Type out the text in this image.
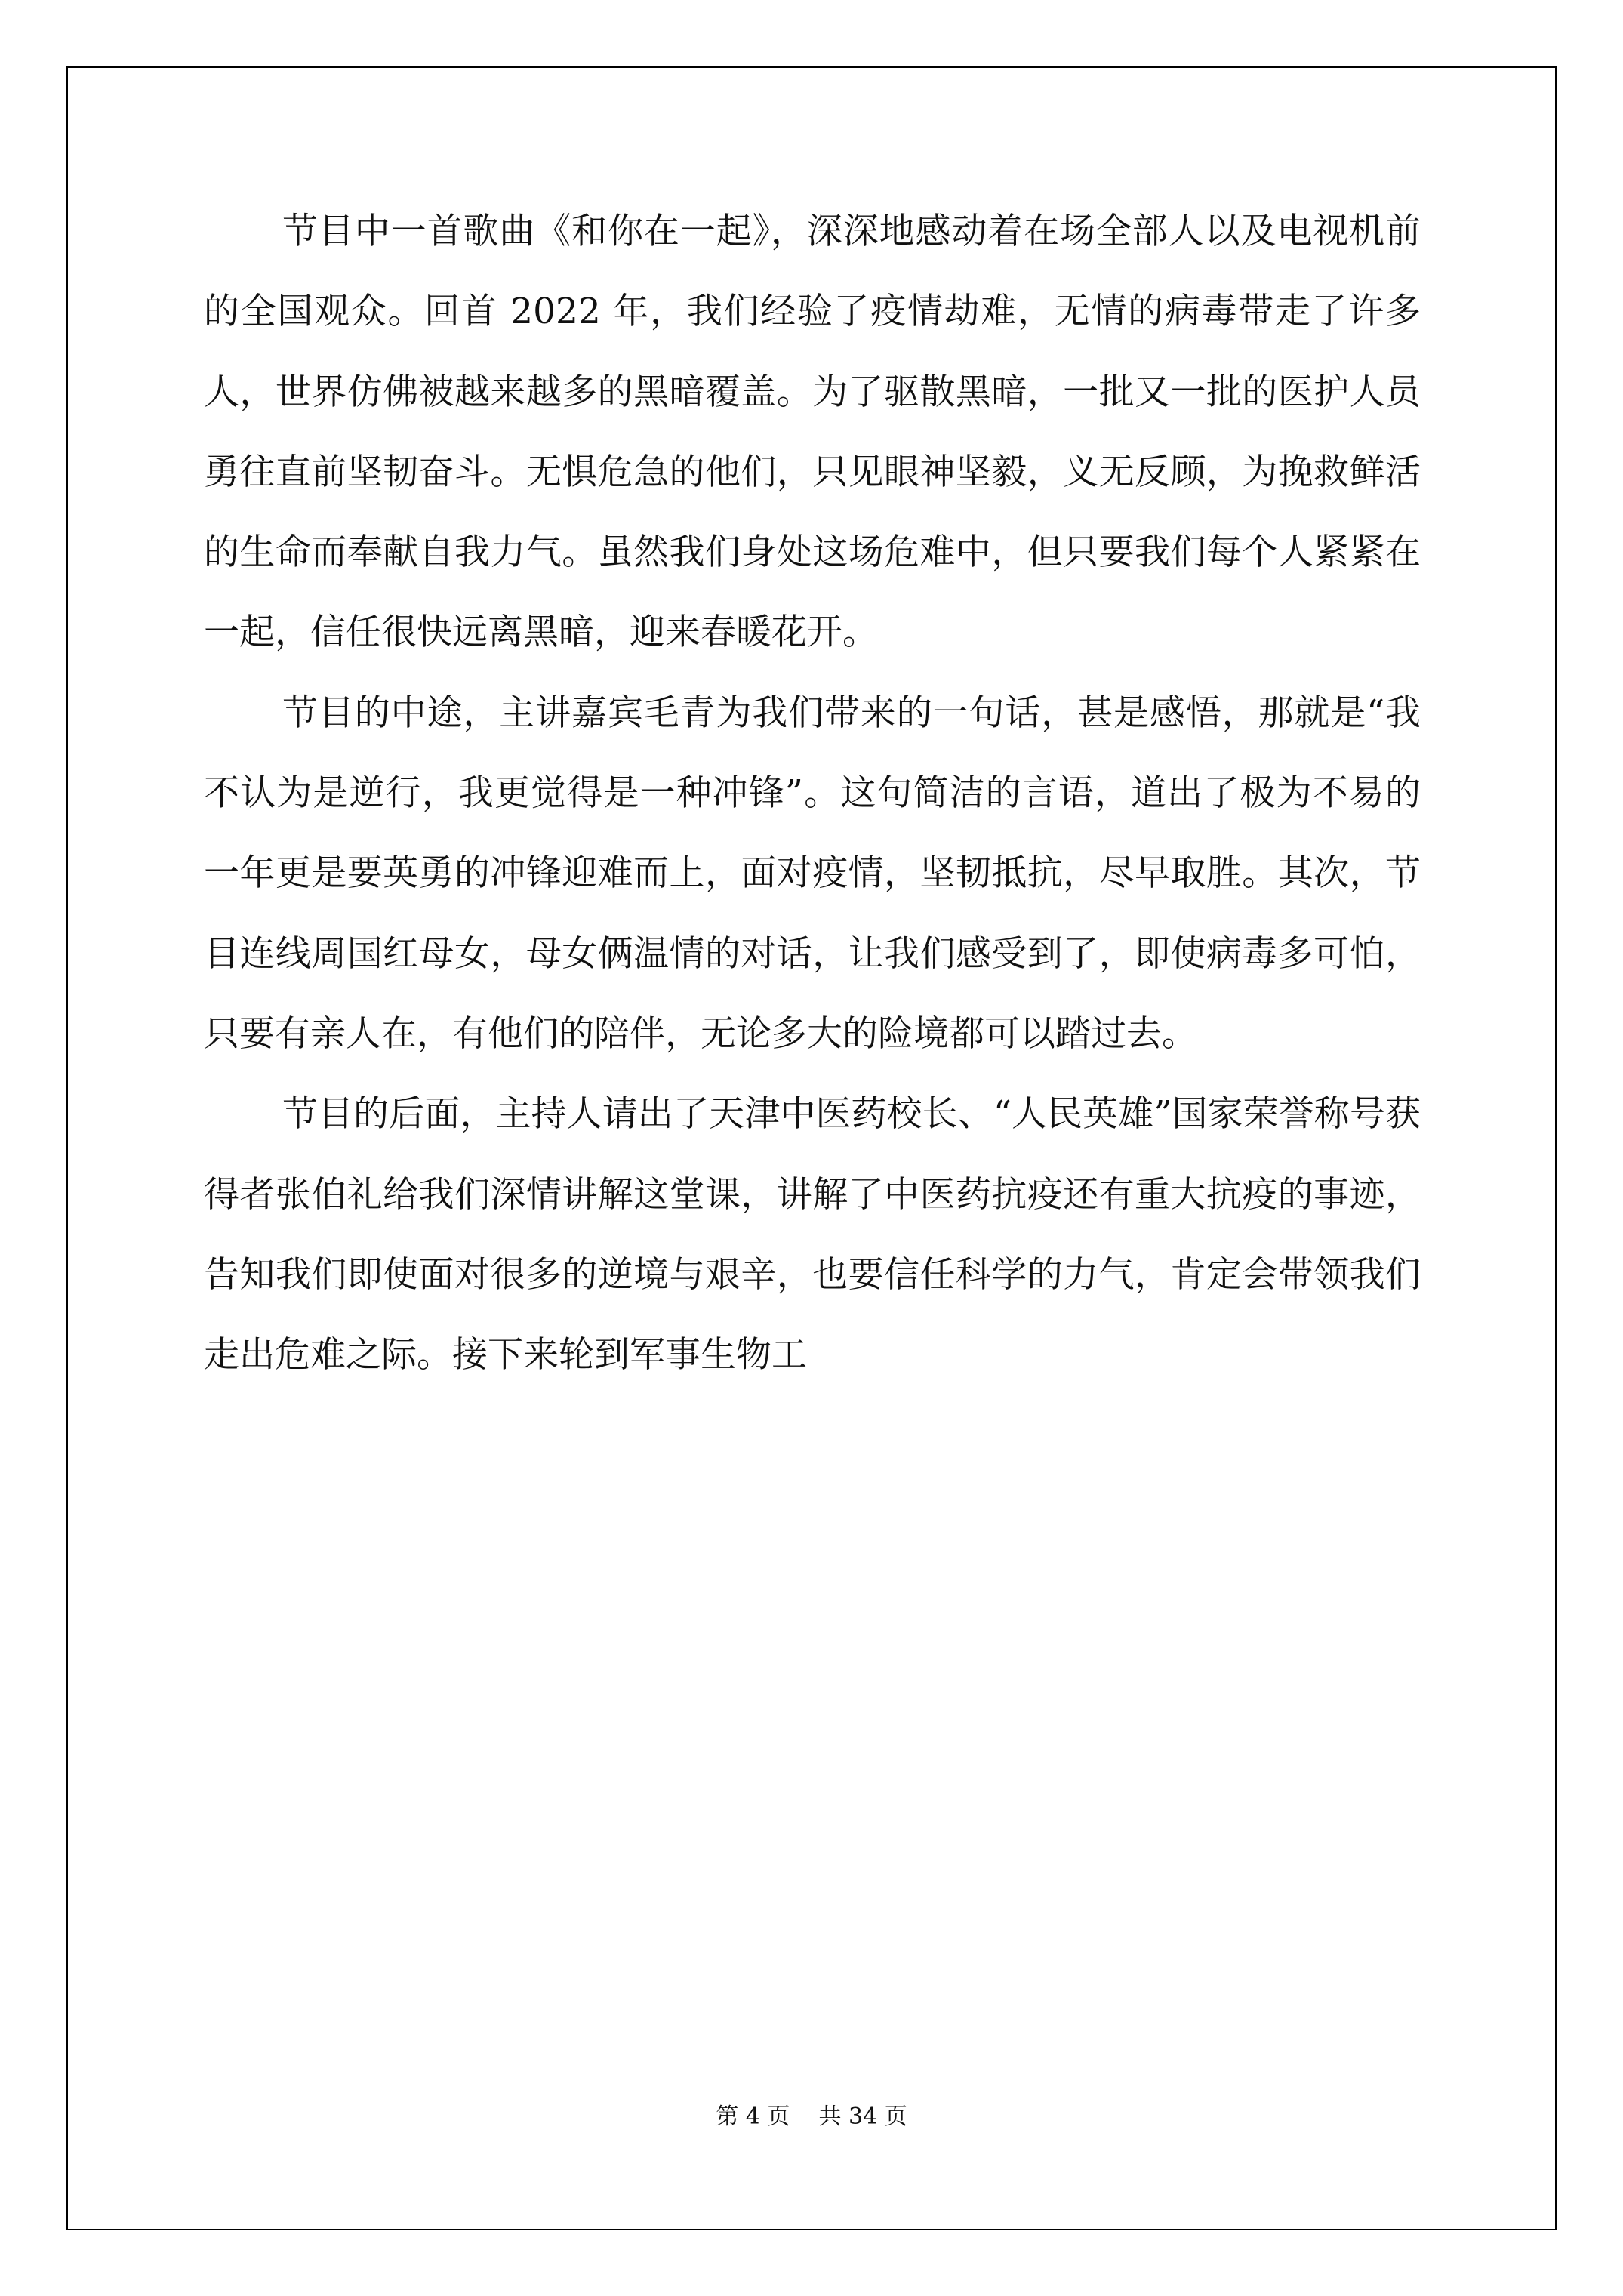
节目中一首歌曲《和你在一起》，深深地感动着在场全部人以及电视机前的全国观众。回首 2022 年，我们经验了疫情劫难，无情的病毒带走了许多人，世界仿佛被越来越多的黑暗覆盖。为了驱散黑暗，一批又一批的医护人员勇往直前坚韧奋斗。无惧危急的他们，只见眼神坚毅，义无反顾，为挽救鲜活的生命而奉献自我力气。虽然我们身处这场危难中，但只要我们每个人紧紧在一起，信任很快远离黑暗，迎来春暖花开。

节目的中途，主讲嘉宾毛青为我们带来的一句话，甚是感悟，那就是“我不认为是逆行，我更觉得是一种冲锋”。这句简洁的言语，道出了极为不易的一年更是要英勇的冲锋迎难而上，面对疫情，坚韧抵抗，尽早取胜。其次，节目连线周国红母女，母女俩温情的对话，让我们感受到了，即使病毒多可怕，只要有亲人在，有他们的陪伴，无论多大的险境都可以踏过去。

节目的后面，主持人请出了天津中医药校长、“人民英雄”国家荣誉称号获得者张伯礼给我们深情讲解这堂课，讲解了中医药抗疫还有重大抗疫的事迹，告知我们即使面对很多的逆境与艰辛，也要信任科学的力气，肯定会带领我们走出危难之际。接下来轮到军事生物工

第 4 页    共 34 页
